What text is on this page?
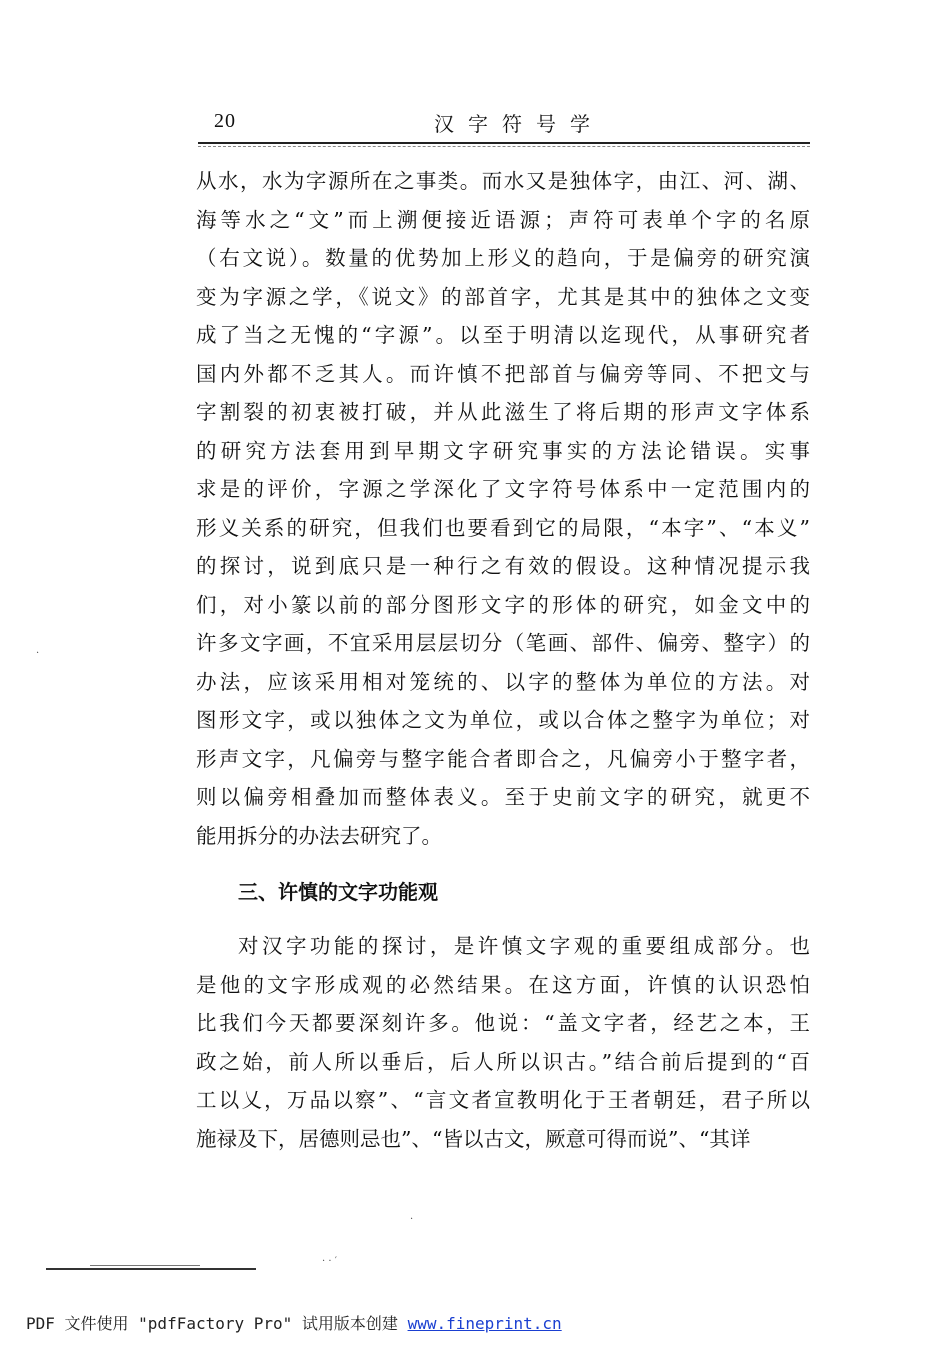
20	汉字符号学
从水，水为字源所在之事类。而水又是独体字，由江、河、湖、
海等水之“文”而上溯便接近语源；声符可表单个字的名原
（右文说）。数量的优势加上形义的趋向，于是偏旁的研究演
变为字源之学，《说文》的部首字，尤其是其中的独体之文变
成了当之无愧的“字源”。以至于明清以迄现代，从事研究者
国内外都不乏其人。而许慎不把部首与偏旁等同、不把文与
字割裂的初衷被打破，并从此滋生了将后期的形声文字体系
的研究方法套用到早期文字研究事实的方法论错误。实事
求是的评价，字源之学深化了文字符号体系中一定范围内的
形义关系的研究，但我们也要看到它的局限，“本字”、“本义”
的探讨，说到底只是一种行之有效的假设。这种情况提示我
们，对小篆以前的部分图形文字的形体的研究，如金文中的
许多文字画，不宜采用层层切分（笔画、部件、偏旁、整字）的
办法，应该采用相对笼统的、以字的整体为单位的方法。对
图形文字，或以独体之文为单位，或以合体之整字为单位；对
形声文字，凡偏旁与整字能合者即合之，凡偏旁小于整字者，
则以偏旁相叠加而整体表义。至于史前文字的研究，就更不
能用拆分的办法去研究了。
三、许慎的文字功能观
对汉字功能的探讨，是许慎文字观的重要组成部分。也
是他的文字形成观的必然结果。在这方面，许慎的认识恐怕
比我们今天都要深刻许多。他说：“盖文字者，经艺之本，王
政之始，前人所以垂后，后人所以识古。”结合前后提到的“百
工以乂，万品以察”、“言文者宣教明化于王者朝廷，君子所以
施禄及下，居德则忌也”、“皆以古文，厥意可得而说”、“其详
·
·
· · ′
PDF 文件使用 "pdfFactory Pro" 试用版本创建 www.fineprint.cn
